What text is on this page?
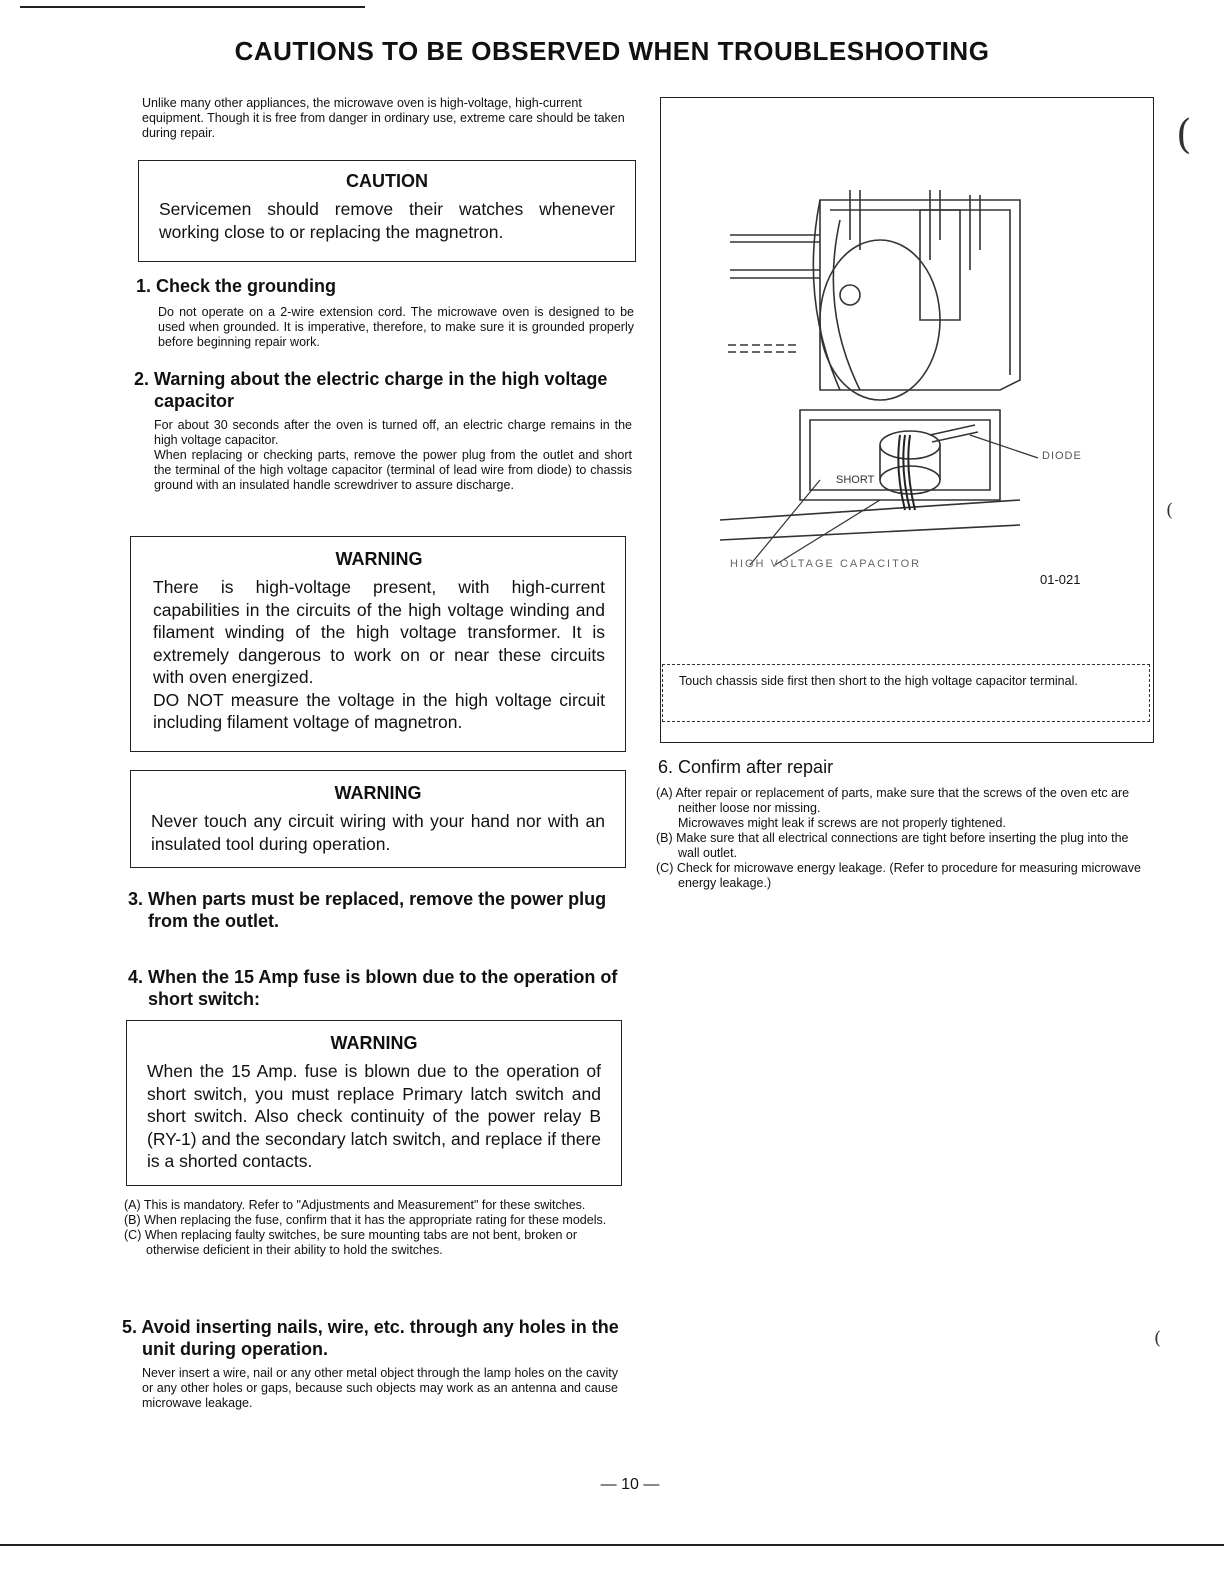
CAUTIONS TO BE OBSERVED WHEN TROUBLESHOOTING
Unlike many other appliances, the microwave oven is high-voltage, high-current equipment. Though it is free from danger in ordinary use, extreme care should be taken during repair.
CAUTION
Servicemen should remove their watches whenever working close to or replacing the magnetron.
1. Check the grounding
Do not operate on a 2-wire extension cord. The microwave oven is designed to be used when grounded. It is imperative, therefore, to make sure it is grounded properly before beginning repair work.
2. Warning about the electric charge in the high voltage capacitor

For about 30 seconds after the oven is turned off, an electric charge remains in the high voltage capacitor.

When replacing or checking parts, remove the power plug from the outlet and short the terminal of the high voltage capacitor (terminal of lead wire from diode) to chassis ground with an insulated handle screwdriver to assure discharge.

WARNING

There is high-voltage present, with high-current capabilities in the circuits of the high voltage winding and filament winding of the high voltage transformer. It is extremely dangerous to work on or near these circuits with oven energized.

DO NOT measure the voltage in the high voltage circuit including filament voltage of magnetron.

WARNING
Never touch any circuit wiring with your hand nor with an insulated tool during operation.
3. When parts must be replaced, remove the power plug from the outlet.
4. When the 15 Amp fuse is blown due to the operation of short switch:
WARNING
When the 15 Amp. fuse is blown due to the operation of short switch, you must replace Primary latch switch and short switch. Also check continuity of the power relay B (RY-1) and the secondary latch switch, and replace if there is a shorted contacts.

(A) This is mandatory. Refer to "Adjustments and Measurement" for these switches.

(B) When replacing the fuse, confirm that it has the appropriate rating for these models.

(C) When replacing faulty switches, be sure mounting tabs are not bent, broken or otherwise deficient in their ability to hold the switches.

5. Avoid inserting nails, wire, etc. through any holes in the unit during operation.
Never insert a wire, nail or any other metal object through the lamp holes on the cavity or any other holes or gaps, because such objects may work as an antenna and cause microwave leakage.
SHORT
DIODE
HIGH VOLTAGE CAPACITOR
01-021
Touch chassis side first then short to the high voltage capacitor terminal.
6. Confirm after repair

(A) After repair or replacement of parts, make sure that the screws of the oven etc are neither loose nor missing.

Microwaves might leak if screws are not properly tightened.

(B) Make sure that all electrical connections are tight before inserting the plug into the wall outlet.

(C) Check for microwave energy leakage. (Refer to procedure for measuring microwave energy leakage.)

(
(
(
— 10 —
